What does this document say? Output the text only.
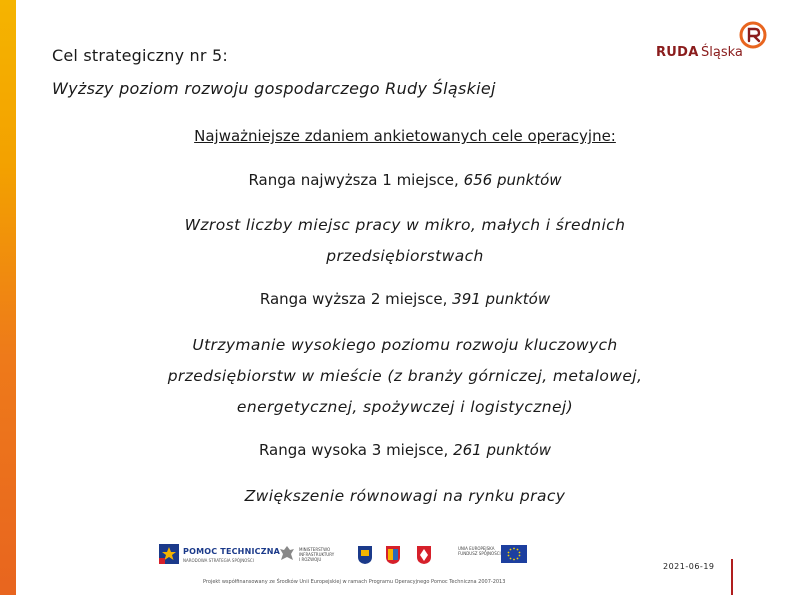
Cel strategiczny nr 5:
Wyższy poziom rozwoju gospodarczego Rudy Śląskiej
RUDA Śląska
Najważniejsze zdaniem ankietowanych cele operacyjne:
Ranga najwyższa 1 miejsce, 656 punktów
Wzrost liczby miejsc pracy w mikro, małych i średnich
przedsiębiorstwach
Ranga wyższa 2 miejsce, 391 punktów
Utrzymanie wysokiego poziomu rozwoju kluczowych
przedsiębiorstw w mieście (z branży górniczej, metalowej,
energetycznej, spożywczej i logistycznej)
Ranga wysoka 3 miejsce, 261 punktów
Zwiększenie równowagi na rynku pracy
POMOC TECHNICZNA
NARODOWA STRATEGIA SPÓJNOŚCI
MINISTERSTWO
INFRASTRUKTURY
I ROZWOJU
UNIA EUROPEJSKA
FUNDUSZ SPÓJNOŚCI
Projekt współfinansowany ze Środków Unii Europejskiej w ramach Programu Operacyjnego Pomoc Techniczna 2007-2013
2021-06-19
